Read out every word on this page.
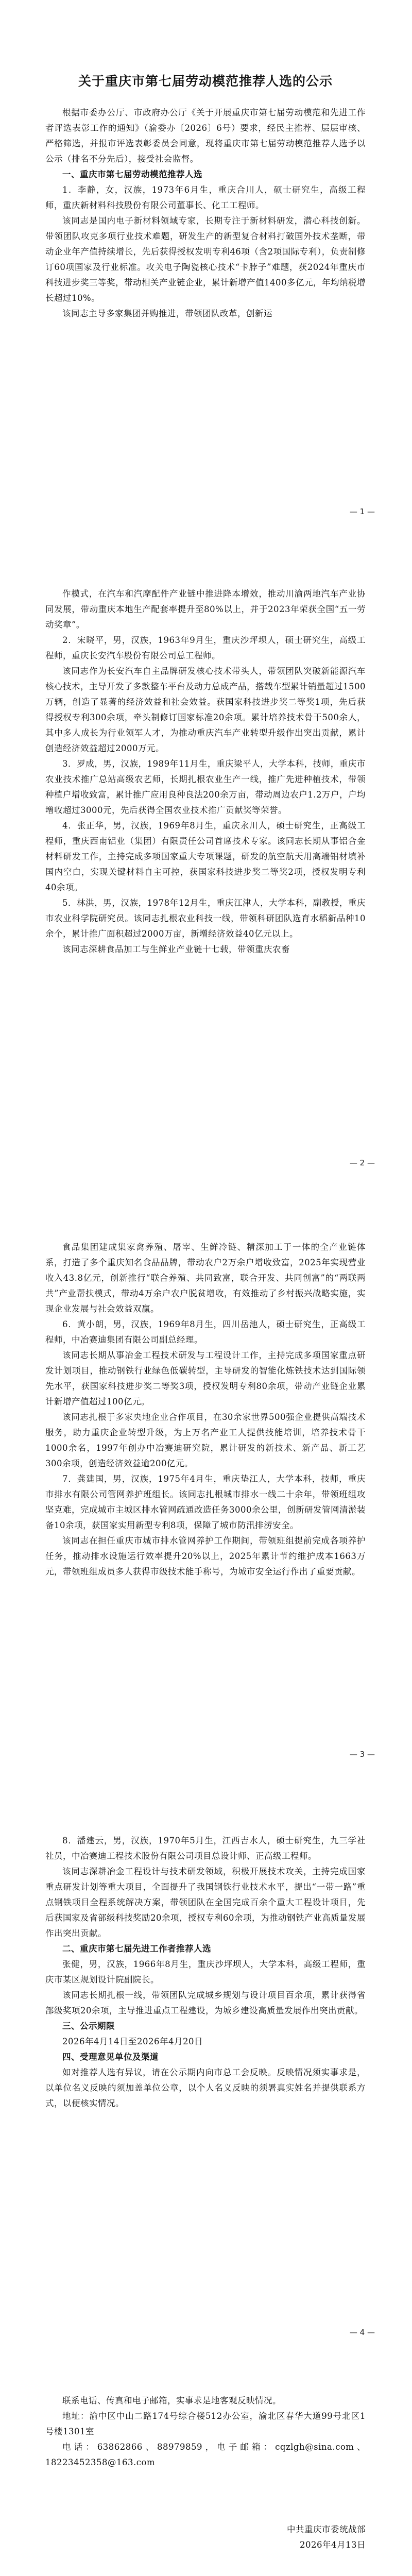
关于重庆市第七届劳动模范推荐人选的公示

根据市委办公厅、市政府办公厅《关于开展重庆市第七届劳动模范和先进工作者评选表彰工作的通知》（渝委办〔2026〕6号）要求，经民主推荐、层层审核、严格筛选，并报市评选表彰委员会同意，现将重庆市第七届劳动模范推荐人选予以公示（排名不分先后），接受社会监督。

一、重庆市第七届劳动模范推荐人选

1．李静，女，汉族，1973年6月生，重庆合川人，硕士研究生，高级工程师，重庆新材料科技股份有限公司董事长、化工工程师。

该同志是国内电子新材料领域专家，长期专注于新材料研发，潜心科技创新。带领团队攻克多项行业技术难题，研发生产的新型复合材料打破国外技术垄断，带动企业年产值持续增长，先后获得授权发明专利46项（含2项国际专利），负责制修订60项国家及行业标准。攻关电子陶瓷核心技术“卡脖子”难题，获2024年重庆市科技进步奖三等奖，带动相关产业链企业，累计新增产值1400多亿元，年均纳税增长超过10%。

该同志主导多家集团并购推进，带领团队改革，创新运

— 1 —

作模式，在汽车和汽摩配件产业链中推进降本增效，推动川渝两地汽车产业协同发展，带动重庆本地生产配套率提升至80%以上，并于2023年荣获全国“五一劳动奖章”。

2．宋晓平，男，汉族，1963年9月生，重庆沙坪坝人，硕士研究生，高级工程师，重庆长安汽车股份有限公司总工程师。

该同志作为长安汽车自主品牌研发核心技术带头人，带领团队突破新能源汽车核心技术，主导开发了多款整车平台及动力总成产品，搭载车型累计销量超过1500万辆，创造了显著的经济效益和社会效益。获国家科技进步奖二等奖1项，先后获得授权专利300余项，牵头制修订国家标准20余项。累计培养技术骨干500余人，其中多人成长为行业领军人才，为推动重庆汽车产业转型升级作出突出贡献，累计创造经济效益超过2000万元。

3．罗成，男，汉族，1989年11月生，重庆梁平人，大学本科，技师，重庆市农业技术推广总站高级农艺师，长期扎根农业生产一线，推广先进种植技术，带领种植户增收致富，累计推广应用良种良法200余万亩，带动周边农户1.2万户，户均增收超过3000元，先后获得全国农业技术推广贡献奖等荣誉。

4．张正华，男，汉族，1969年8月生，重庆永川人，硕士研究生，正高级工程师，重庆西南铝业（集团）有限责任公司首席技术专家。该同志长期从事铝合金材料研发工作，主持完成多项国家重大专项课题，研发的航空航天用高端铝材填补国内空白，实现关键材料自主可控，获国家科技进步奖二等奖2项，授权发明专利40余项。

5．林洪，男，汉族，1978年12月生，重庆江津人，大学本科，副教授，重庆市农业科学院研究员。该同志扎根农业科技一线，带领科研团队选育水稻新品种10余个，累计推广面积超过2000万亩，新增经济效益40亿元以上。

该同志深耕食品加工与生鲜业产业链十七载，带领重庆农畜

— 2 —

食品集团建成集家禽养殖、屠宰、生鲜冷链、精深加工于一体的全产业链体系，打造了多个重庆知名食品品牌，带动农户2万余户增收致富，2025年实现营业收入43.8亿元，创新推行“联合养殖、共同致富，联合开发、共同创富”的“两联两共”产业帮扶模式，带动4万余户农户脱贫增收，有效推动了乡村振兴战略实施，实现企业发展与社会效益双赢。

6．黄小朗，男，汉族，1969年8月生，四川岳池人，硕士研究生，正高级工程师，中冶赛迪集团有限公司副总经理。

该同志长期从事冶金工程技术研发与工程设计工作，主持完成多项国家重点研发计划项目，推动钢铁行业绿色低碳转型，主导研发的智能化炼铁技术达到国际领先水平，获国家科技进步奖二等奖3项，授权发明专利80余项，带动产业链企业累计新增产值超过100亿元。

该同志扎根于多家央地企业合作项目，在30余家世界500强企业提供高端技术服务，助力重庆企业转型升级，为上万名产业工人提供技能培训，培养技术骨干1000余名，1997年创办中冶赛迪研究院，累计研发的新技术、新产品、新工艺300余项，创造经济效益逾200亿元。

7．龚建国，男，汉族，1975年4月生，重庆垫江人，大学本科，技师，重庆市排水有限公司管网养护班组长。该同志扎根城市排水一线二十余年，带领班组攻坚克难，完成城市主城区排水管网疏通改造任务3000余公里，创新研发管网清淤装备10余项，获国家实用新型专利8项，保障了城市防汛排涝安全。

该同志在担任重庆市城市排水管网养护工作期间，带领班组提前完成各项养护任务，推动排水设施运行效率提升20%以上，2025年累计节约维护成本1663万元，带领班组成员多人获得市级技术能手称号，为城市安全运行作出了重要贡献。

— 3 —

8．潘建云，男，汉族，1970年5月生，江西吉水人，硕士研究生，九三学社社员，中冶赛迪工程技术股份有限公司项目总设计师、正高级工程师。

该同志深耕冶金工程设计与技术研发领域，积极开展技术攻关，主持完成国家重点研发计划等重大项目，全面提升了我国钢铁行业技术水平，提出“一带一路”重点钢铁项目全程系统解决方案，带领团队在全国完成百余个重大工程设计项目，先后获国家及省部级科技奖励20余项，授权专利60余项，为推动钢铁产业高质量发展作出突出贡献。

二、重庆市第七届先进工作者推荐人选

张健，男，汉族，1966年8月生，重庆沙坪坝人，大学本科，高级工程师，重庆市某区规划设计院副院长。

该同志长期扎根一线，带领团队完成城乡规划与设计项目百余项，累计获得省部级奖项20余项，主导推进重点工程建设，为城乡建设高质量发展作出突出贡献。

三、公示期限

2026年4月14日至2026年4月20日

四、受理意见单位及渠道

如对推荐人选有异议，请在公示期内向市总工会反映。反映情况须实事求是，以单位名义反映的须加盖单位公章，以个人名义反映的须署真实姓名并提供联系方式，以便核实情况。

— 4 —

联系电话、传真和电子邮箱，实事求是地客观反映情况。

地址：渝中区中山二路174号综合楼512办公室，渝北区春华大道99号北区1号楼1301室

电话：63862866、88979859，电子邮箱：cqzlgh@sina.com、18223452358@163.com

中共重庆市委统战部

2026年4月13日
